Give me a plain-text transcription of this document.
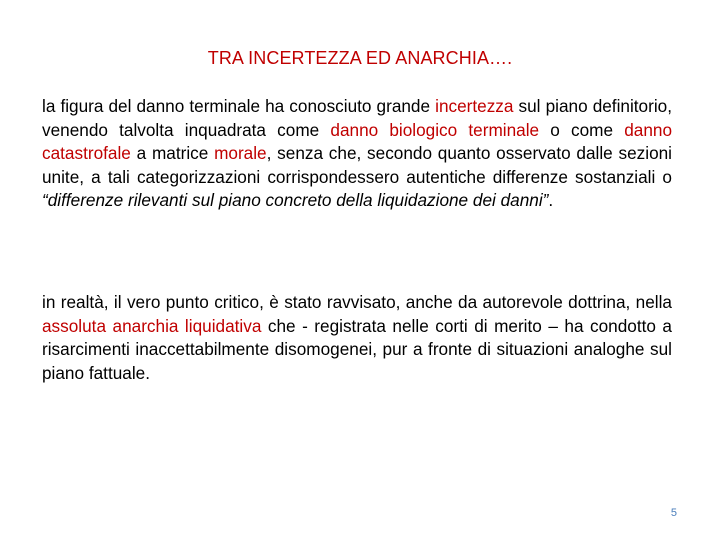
TRA INCERTEZZA ED ANARCHIA….

la figura del danno terminale ha conosciuto grande incertezza sul piano definitorio, venendo talvolta inquadrata come danno biologico terminale o come danno catastrofale a matrice morale, senza che, secondo quanto osservato dalle sezioni unite, a tali categorizzazioni corrispondessero autentiche differenze sostanziali o “differenze rilevanti sul piano concreto della liquidazione dei danni”.

in realtà, il vero punto critico, è stato ravvisato, anche da autorevole dottrina, nella assoluta anarchia liquidativa che - registrata nelle corti di merito – ha condotto a risarcimenti inaccettabilmente disomogenei, pur a fronte di situazioni analoghe sul piano fattuale.

5
